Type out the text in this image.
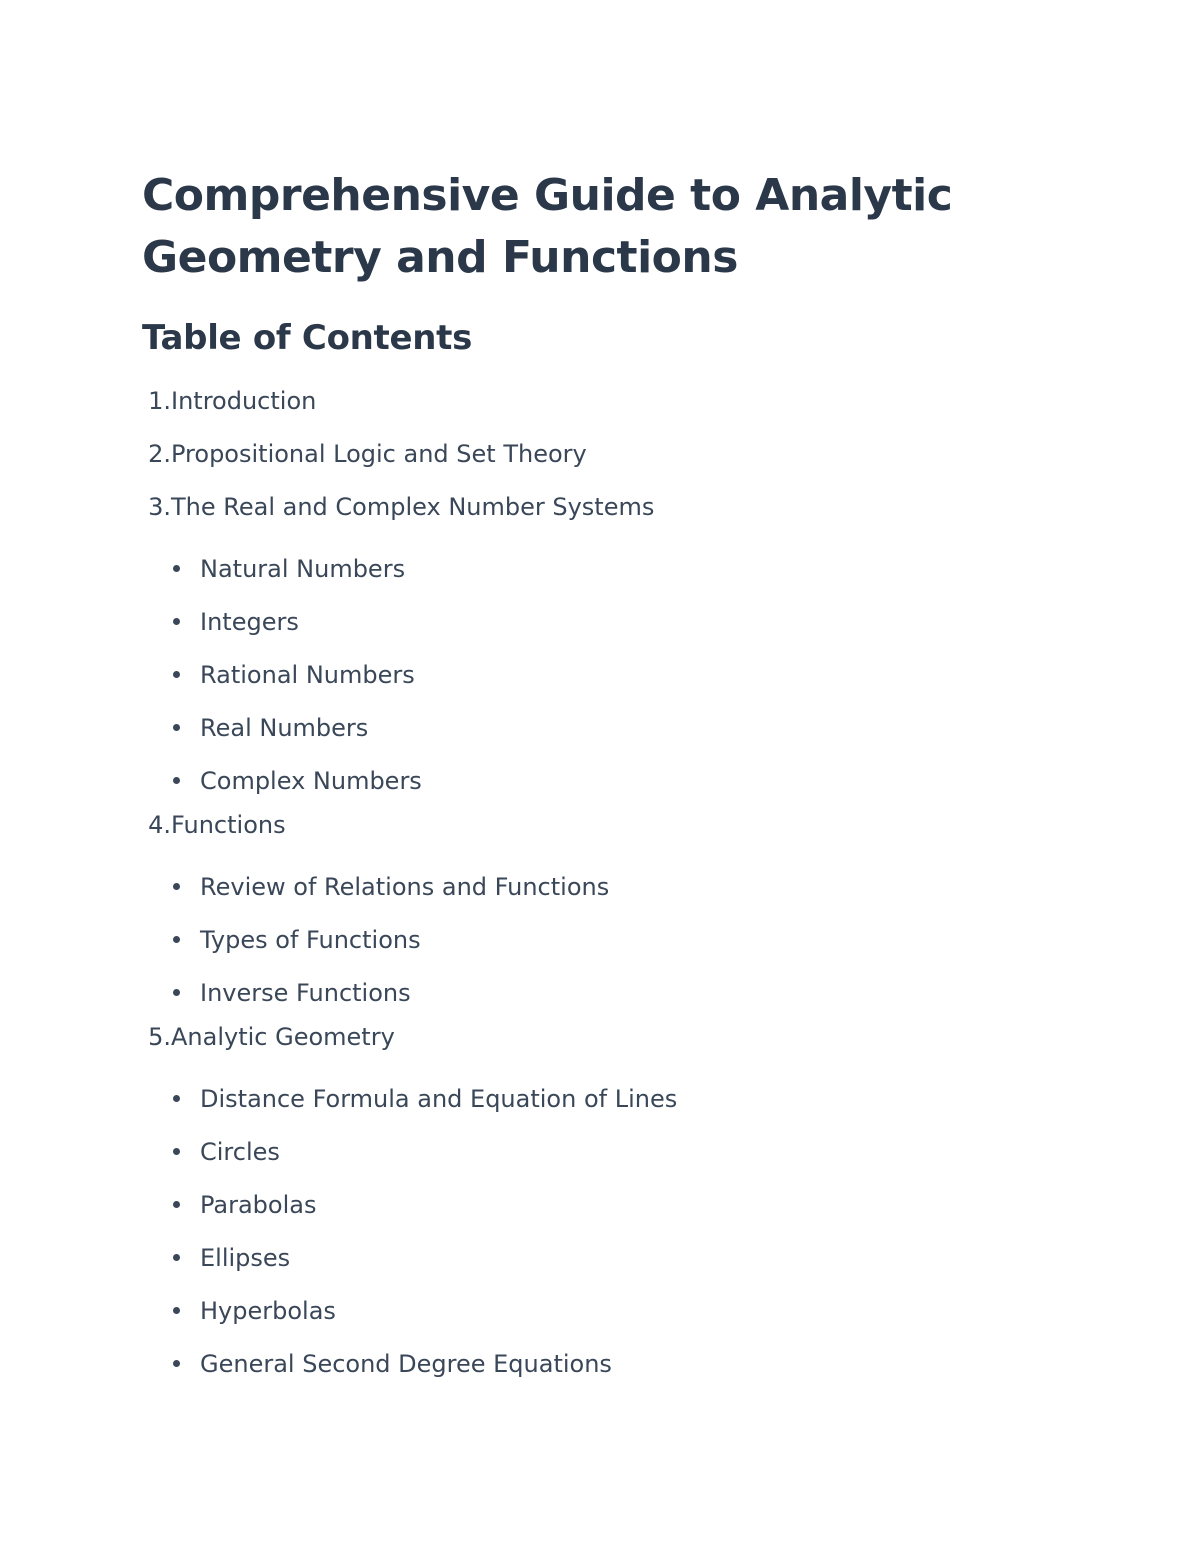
Comprehensive Guide to Analytic Geometry and Functions
Table of Contents
1. Introduction
2. Propositional Logic and Set Theory
3. The Real and Complex Number Systems
Natural Numbers
Integers
Rational Numbers
Real Numbers
Complex Numbers
4. Functions
Review of Relations and Functions
Types of Functions
Inverse Functions
5. Analytic Geometry
Distance Formula and Equation of Lines
Circles
Parabolas
Ellipses
Hyperbolas
General Second Degree Equations
